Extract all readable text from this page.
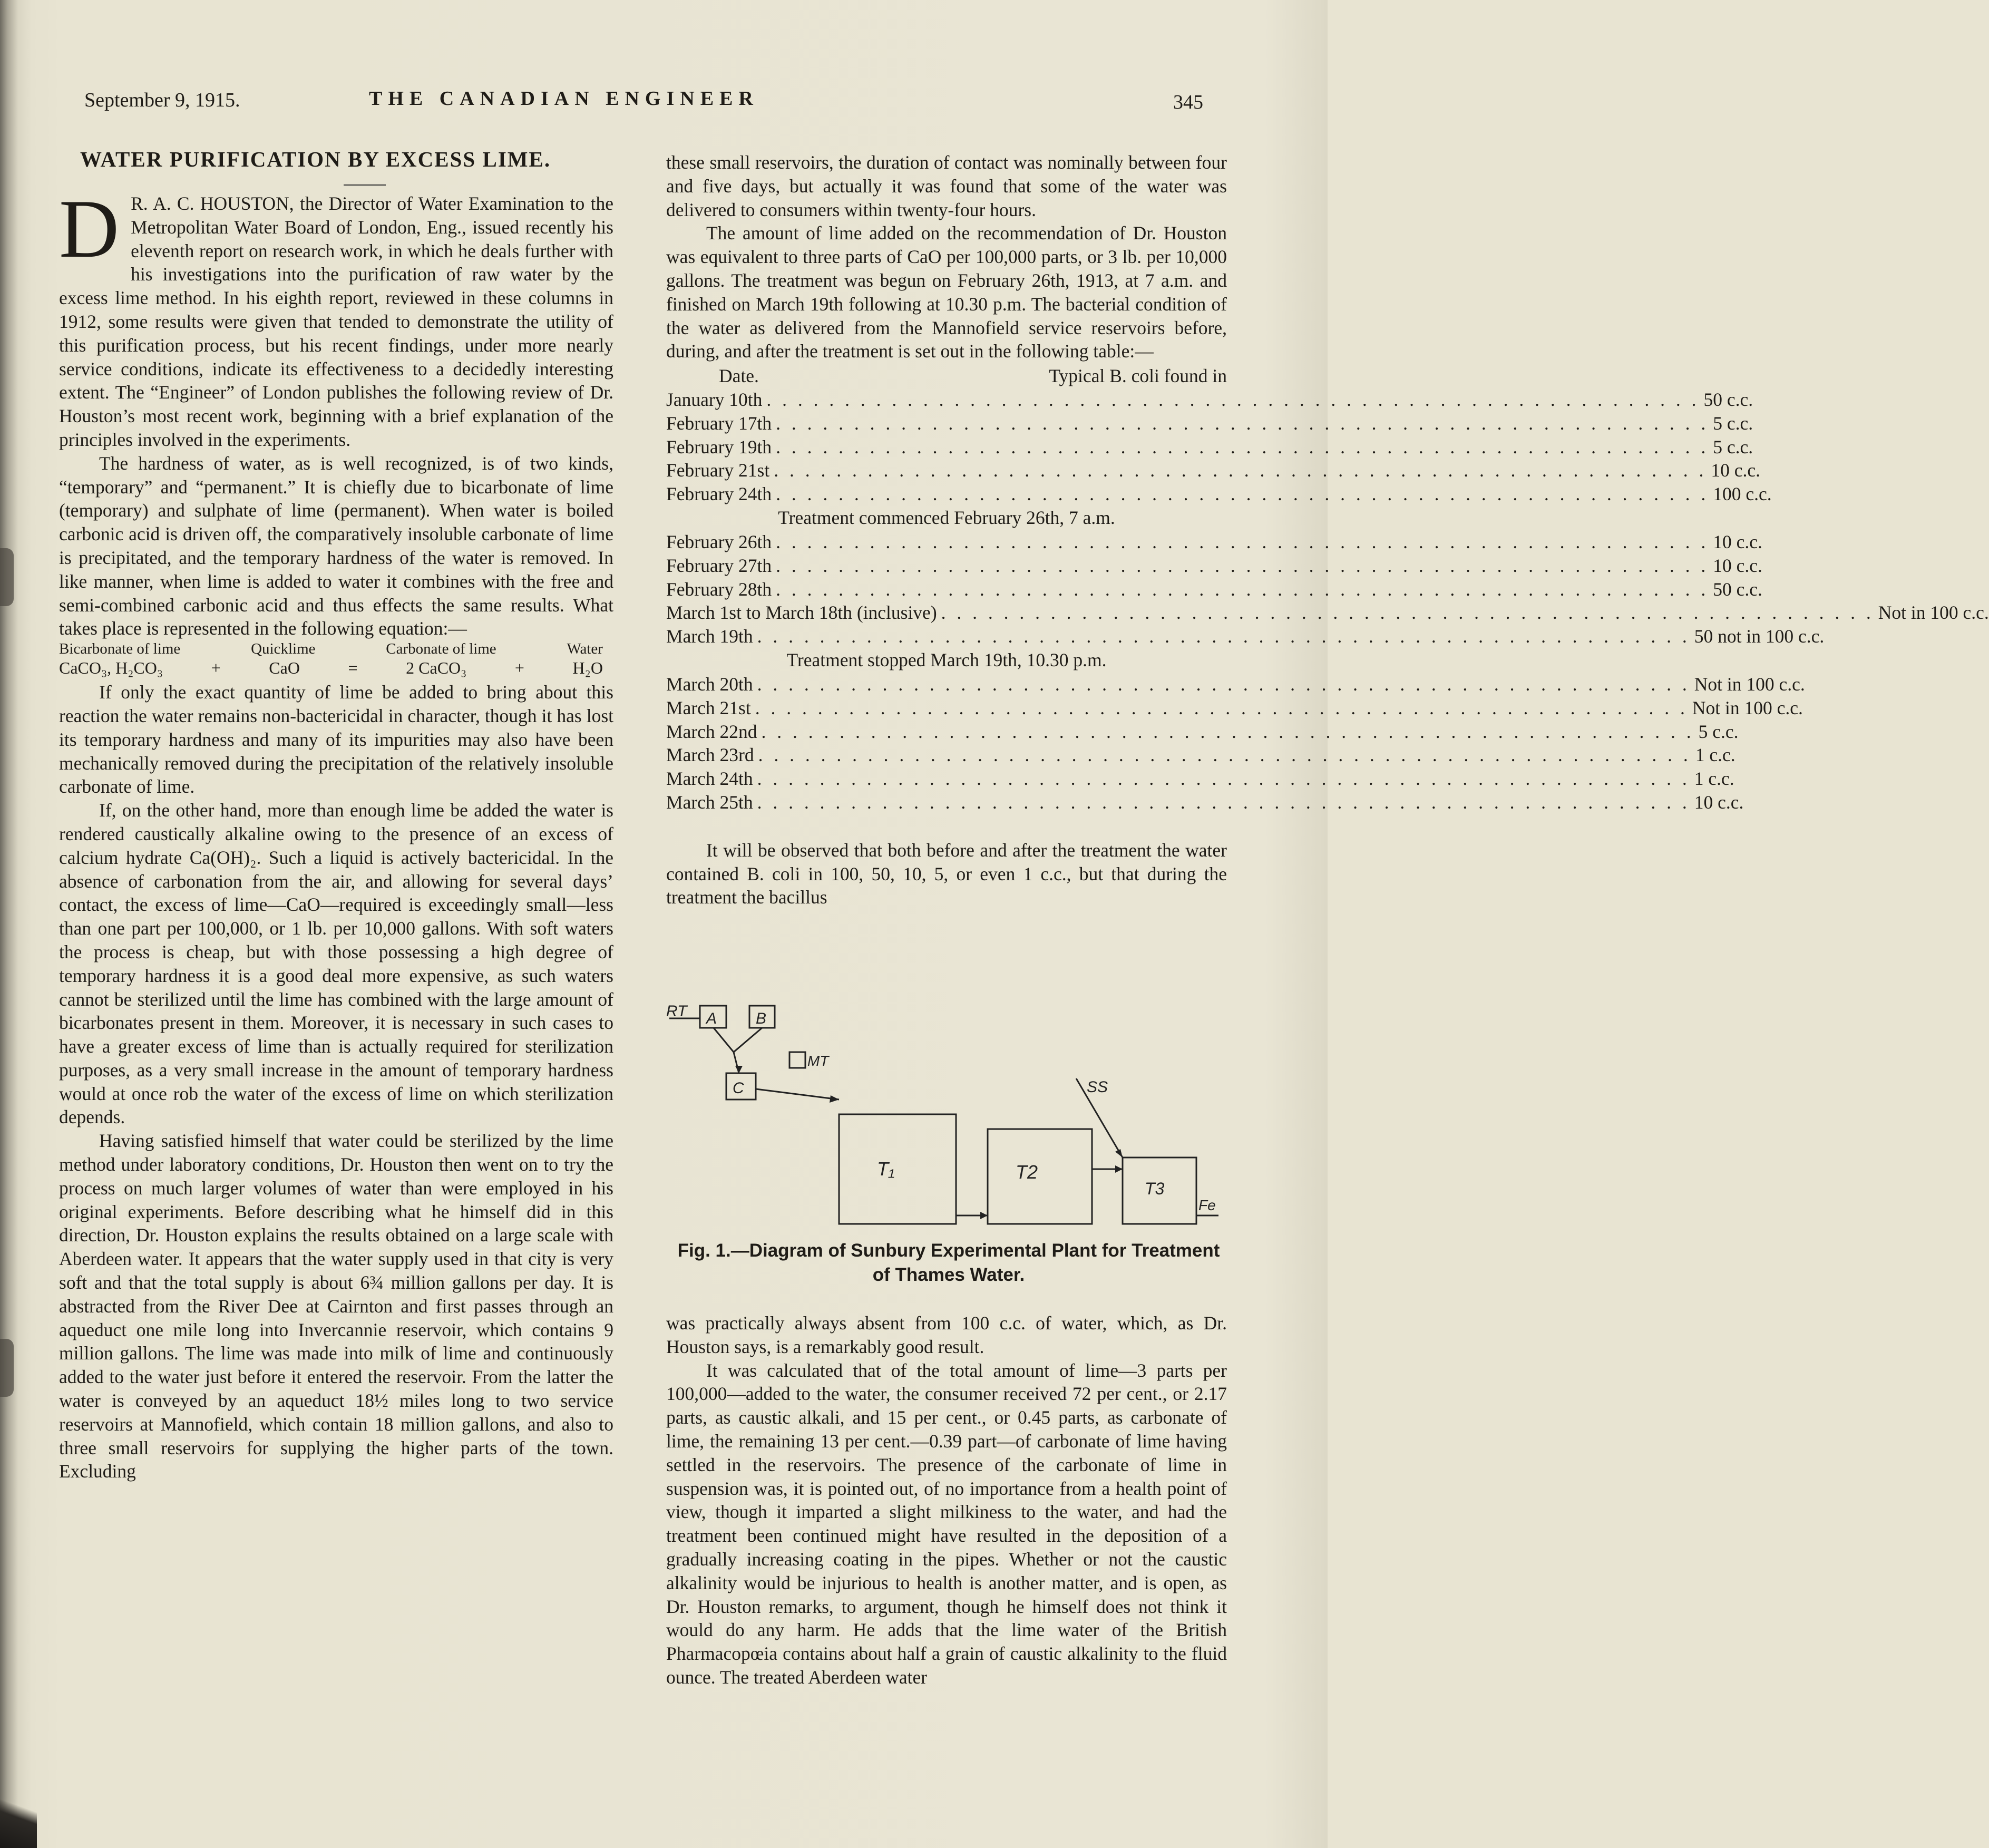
September 9, 1915.	THE CANADIAN ENGINEER	345
WATER PURIFICATION BY EXCESS LIME.
D R. A. C. HOUSTON, the Director of Water Examination to the Metropolitan Water Board of London, Eng., issued recently his eleventh report on research work, in which he deals further with his investigations into the purification of raw water by the excess lime method. In his eighth report, reviewed in these columns in 1912, some results were given that tended to demonstrate the utility of this purification process, but his recent findings, under more nearly service conditions, indicate its effectiveness to a decidedly interesting extent. The “Engineer” of London publishes the following review of Dr. Houston’s most recent work, beginning with a brief explanation of the principles involved in the experiments.

The hardness of water, as is well recognized, is of two kinds, “temporary” and “permanent.” It is chiefly due to bicarbonate of lime (temporary) and sulphate of lime (permanent). When water is boiled carbonic acid is driven off, the comparatively insoluble carbonate of lime is precipitated, and the temporary hardness of the water is removed. In like manner, when lime is added to water it combines with the free and semi-combined carbonic acid and thus effects the same results. What takes place is represented in the following equation:—

Bicarbonate of lime	Quicklime	Carbonate of lime	Water
CaCO₃, H₂CO₃	+	CaO	=	2 CaCO₃	+	H₂O

If only the exact quantity of lime be added to bring about this reaction the water remains non-bactericidal in character, though it has lost its temporary hardness and many of its impurities may also have been mechanically removed during the precipitation of the relatively insoluble carbonate of lime.

If, on the other hand, more than enough lime be added the water is rendered caustically alkaline owing to the presence of an excess of calcium hydrate Ca(OH)₂. Such a liquid is actively bactericidal. In the absence of carbonation from the air, and allowing for several days’ contact, the excess of lime—CaO—required is exceedingly small—less than one part per 100,000, or 1 lb. per 10,000 gallons. With soft waters the process is cheap, but with those possessing a high degree of temporary hardness it is a good deal more expensive, as such waters cannot be sterilized until the lime has combined with the large amount of bicarbonates present in them. Moreover, it is necessary in such cases to have a greater excess of lime than is actually required for sterilization purposes, as a very small increase in the amount of temporary hardness would at once rob the water of the excess of lime on which sterilization depends.

Having satisfied himself that water could be sterilized by the lime method under laboratory conditions, Dr. Houston then went on to try the process on much larger volumes of water than were employed in his original experiments. Before describing what he himself did in this direction, Dr. Houston explains the results obtained on a large scale with Aberdeen water. It appears that the water supply used in that city is very soft and that the total supply is about 6¾ million gallons per day. It is abstracted from the River Dee at Cairnton and first passes through an aqueduct one mile long into Invercannie reservoir, which contains 9 million gallons. The lime was made into milk of lime and continuously added to the water just before it entered the reservoir. From the latter the water is conveyed by an aqueduct 18½ miles long to two service reservoirs at Mannofield, which contain 18 million gallons, and also to three small reservoirs for supplying the higher parts of the town. Excluding

these small reservoirs, the duration of contact was nominally between four and five days, but actually it was found that some of the water was delivered to consumers within twenty-four hours.

The amount of lime added on the recommendation of Dr. Houston was equivalent to three parts of CaO per 100,000 parts, or 3 lb. per 10,000 gallons. The treatment was begun on February 26th, 1913, at 7 a.m. and finished on March 19th following at 10.30 p.m. The bacterial condition of the water as delivered from the Mannofield service reservoirs before, during, and after the treatment is set out in the following table:—

Date.	Typical B. coli found in
January 10th . . . . . . . . . . . . . . . . . . . . . . . . . . . . . . . . . . . . . . . . . . . . . . . . . . . . . . . . . . . . 50 c.c.
February 17th . . . . . . . . . . . . . . . . . . . . . . . . . . . . . . . . . . . . . . . . . . . . . . . . . . . . . . . . . . . . 5 c.c.
February 19th . . . . . . . . . . . . . . . . . . . . . . . . . . . . . . . . . . . . . . . . . . . . . . . . . . . . . . . . . . . . 5 c.c.
February 21st . . . . . . . . . . . . . . . . . . . . . . . . . . . . . . . . . . . . . . . . . . . . . . . . . . . . . . . . . . . . 10 c.c.
February 24th . . . . . . . . . . . . . . . . . . . . . . . . . . . . . . . . . . . . . . . . . . . . . . . . . . . . . . . . . . . . 100 c.c.
Treatment commenced February 26th, 7 a.m.
February 26th . . . . . . . . . . . . . . . . . . . . . . . . . . . . . . . . . . . . . . . . . . . . . . . . . . . . . . . . . . . . 10 c.c.
February 27th . . . . . . . . . . . . . . . . . . . . . . . . . . . . . . . . . . . . . . . . . . . . . . . . . . . . . . . . . . . . 10 c.c.
February 28th . . . . . . . . . . . . . . . . . . . . . . . . . . . . . . . . . . . . . . . . . . . . . . . . . . . . . . . . . . . . 50 c.c.
March 1st to March 18th (inclusive) . . . . . . . . . . . . . . . . . . . . . . . . . . . . . . . . . . . . . . . . . . . . . . . . . . . . . . . . . . . . Not in 100 c.c.
March 19th . . . . . . . . . . . . . . . . . . . . . . . . . . . . . . . . . . . . . . . . . . . . . . . . . . . . . . . . . . . . 50 not in 100 c.c.
Treatment stopped March 19th, 10.30 p.m.
March 20th . . . . . . . . . . . . . . . . . . . . . . . . . . . . . . . . . . . . . . . . . . . . . . . . . . . . . . . . . . . . Not in 100 c.c.
March 21st . . . . . . . . . . . . . . . . . . . . . . . . . . . . . . . . . . . . . . . . . . . . . . . . . . . . . . . . . . . . Not in 100 c.c.
March 22nd . . . . . . . . . . . . . . . . . . . . . . . . . . . . . . . . . . . . . . . . . . . . . . . . . . . . . . . . . . . . 5 c.c.
March 23rd . . . . . . . . . . . . . . . . . . . . . . . . . . . . . . . . . . . . . . . . . . . . . . . . . . . . . . . . . . . . 1 c.c.
March 24th . . . . . . . . . . . . . . . . . . . . . . . . . . . . . . . . . . . . . . . . . . . . . . . . . . . . . . . . . . . . 1 c.c.
March 25th . . . . . . . . . . . . . . . . . . . . . . . . . . . . . . . . . . . . . . . . . . . . . . . . . . . . . . . . . . . . 10 c.c.

It will be observed that both before and after the treatment the water contained B. coli in 100, 50, 10, 5, or even 1 c.c., but that during the treatment the bacillus

RT A B
MT
C	SS
T₁	T2
T3
Fe
Fig. 1.—Diagram of Sunbury Experimental Plant for Treatment of Thames Water.

was practically always absent from 100 c.c. of water, which, as Dr. Houston says, is a remarkably good result.

It was calculated that of the total amount of lime—3 parts per 100,000—added to the water, the consumer received 72 per cent., or 2.17 parts, as caustic alkali, and 15 per cent., or 0.45 parts, as carbonate of lime, the remaining 13 per cent.—0.39 part—of carbonate of lime having settled in the reservoirs. The presence of the carbonate of lime in suspension was, it is pointed out, of no importance from a health point of view, though it imparted a slight milkiness to the water, and had the treatment been continued might have resulted in the deposition of a gradually increasing coating in the pipes. Whether or not the caustic alkalinity would be injurious to health is another matter, and is open, as Dr. Houston remarks, to argument, though he himself does not think it would do any harm. He adds that the lime water of the British Pharmacopœia contains about half a grain of caustic alkalinity to the fluid ounce. The treated Aberdeen water
